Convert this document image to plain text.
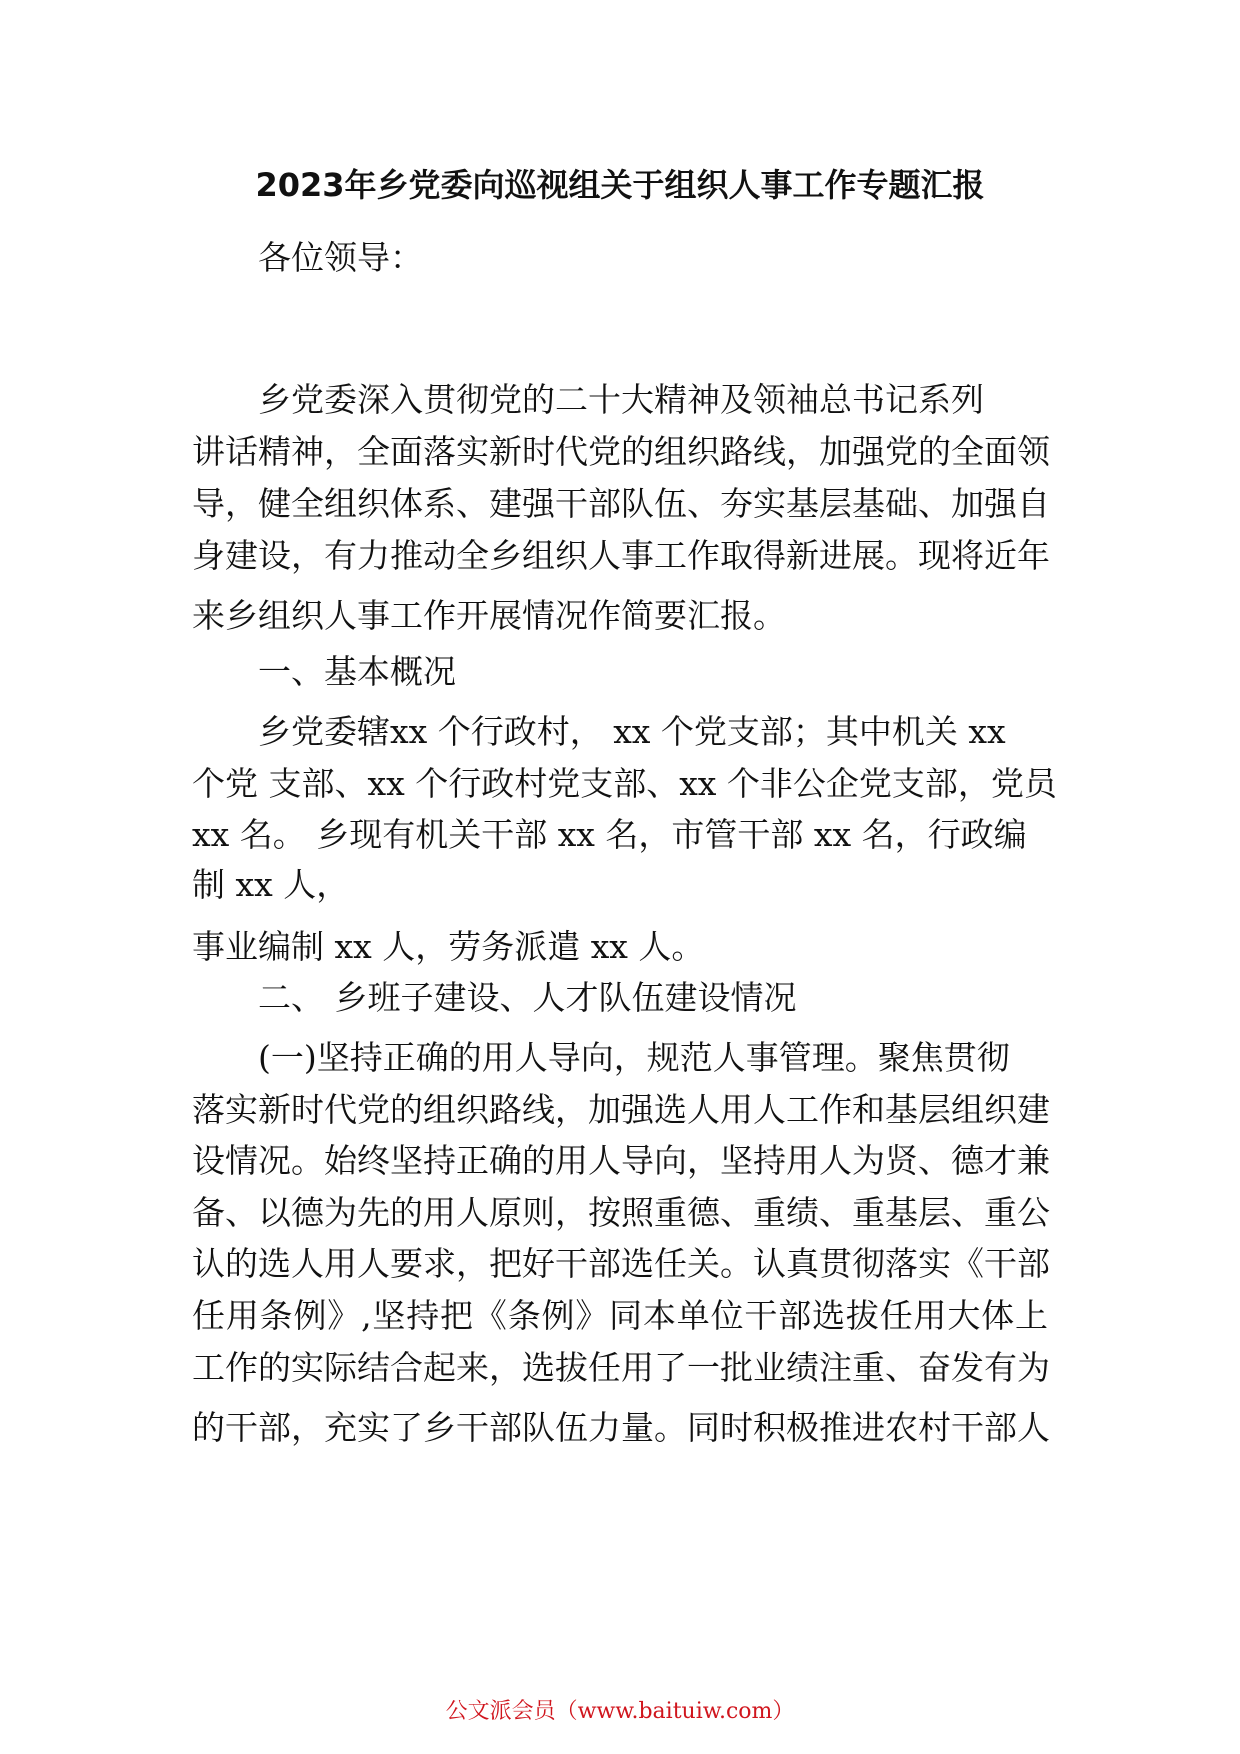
2023年乡党委向巡视组关于组织人事工作专题汇报
各位领导：
乡党委深入贯彻党的二十大精神及领袖总书记系列
讲话精神，全面落实新时代党的组织路线，加强党的全面领
导，健全组织体系、建强干部队伍、夯实基层基础、加强自
身建设，有力推动全乡组织人事工作取得新进展。现将近年
来乡组织人事工作开展情况作简要汇报。
一、基本概况
乡党委辖xx 个行政村， xx 个党支部；其中机关 xx
个党 支部、xx 个行政村党支部、xx 个非公企党支部，党员
xx 名。 乡现有机关干部 xx 名，市管干部 xx 名，行政编
制 xx 人，
事业编制 xx 人，劳务派遣 xx 人。
二、 乡班子建设、人才队伍建设情况
(一)坚持正确的用人导向，规范人事管理。聚焦贯彻
落实新时代党的组织路线，加强选人用人工作和基层组织建
设情况。始终坚持正确的用人导向，坚持用人为贤、德才兼
备、以德为先的用人原则，按照重德、重绩、重基层、重公
认的选人用人要求，把好干部选任关。认真贯彻落实《干部
任用条例》,坚持把《条例》同本单位干部选拔任用大体上
工作的实际结合起来，选拔任用了一批业绩注重、奋发有为
的干部，充实了乡干部队伍力量。同时积极推进农村干部人
公文派会员（www.baituiw.com）
